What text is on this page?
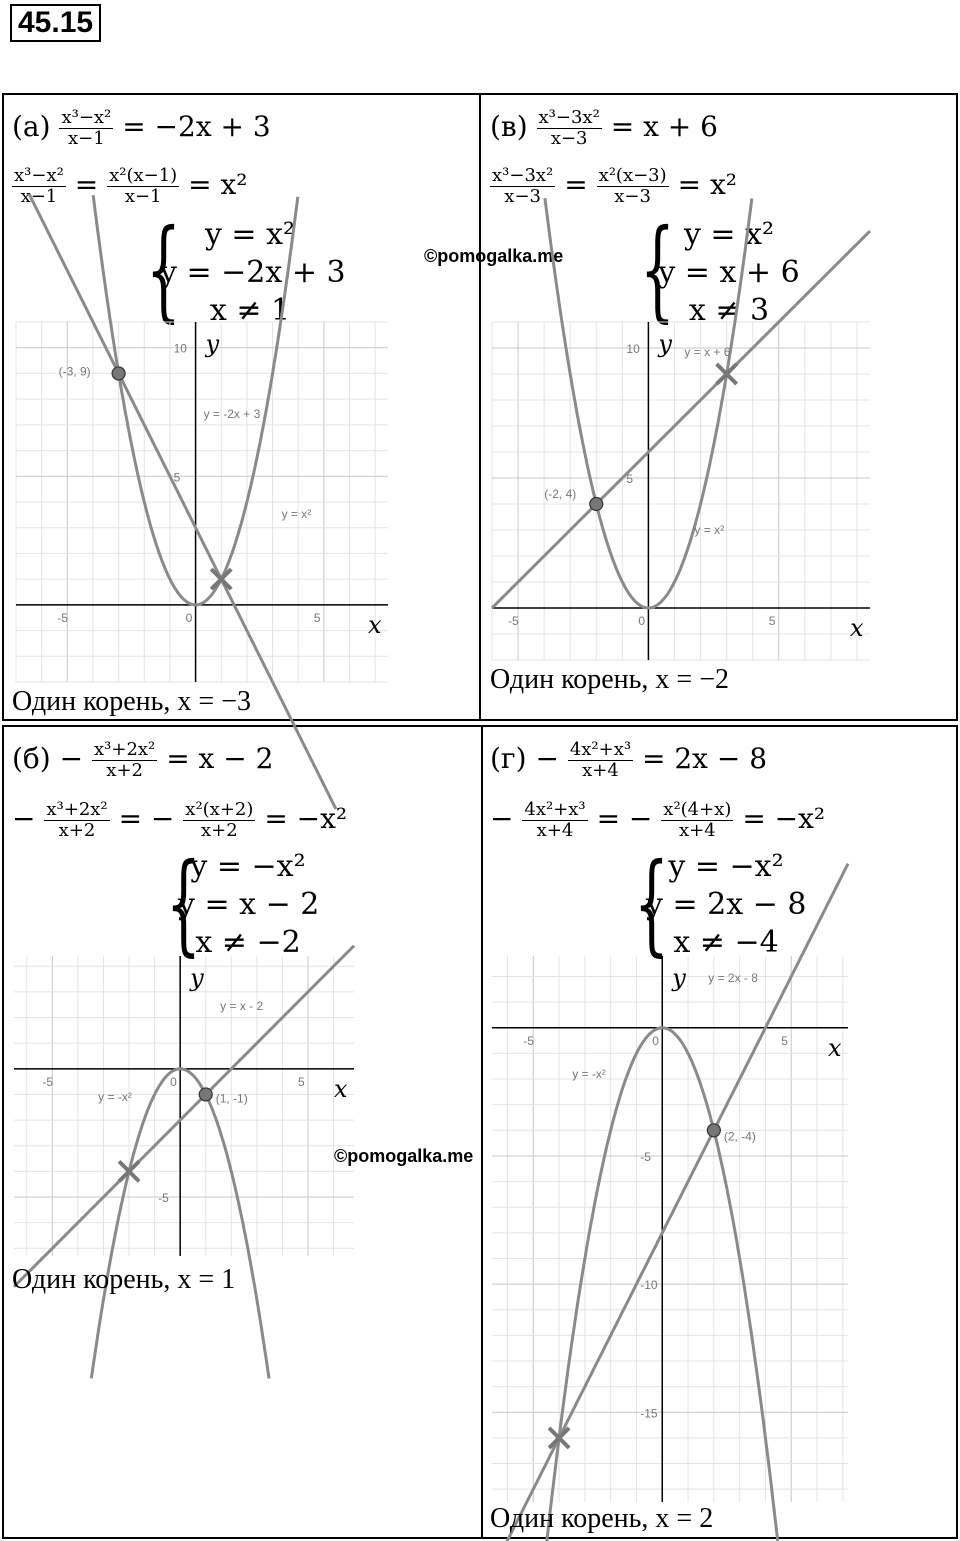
45.15
©pomogalka.me
©pomogalka.me
$(а) \frac{\text{x³−x²}}{x-1} = -2x + 3$
$\frac{\text{x³−x²}}{x-1} = \frac{\text{x²(x−1)}}{x-1} = x^2$
{ y = x²
y = −2x + 3
x ≠ 1
-5	0	5
10
5
x
y
y = x²
y = -2x + 3
(-3, 9)
Один корень, x = −3
$(в) \frac{\text{x³−3x²}}{x-3} = x + 6$
$\frac{\text{x³−3x²}}{x-3} = \frac{\text{x²(x−3)}}{x-3} = x^2$
{ y = x²
y = x + 6
x ≠ 3
-5	0	5
10
5
x
y
y = x²
y = x + 6
(-2, 4)
Один корень, x = −2
$(б) - \frac{\text{x³+2x²}}{x+2} = x - 2$
− $\frac{\text{x³+2x²}}{x+2}$ = − $\frac{\text{x²(x+2)}}{x+2} = -x^2$
{
y = −x²
y = x − 2
x ≠ −2
-5	0	5
-5
x
y
y = -x²
y = x - 2
(1, -1)
Один корень, x = 1
$(г) - \frac{\text{4x²+x³}}{x+4} = 2x - 8$
− $\frac{\text{4x²+x³}}{x+4}$ = − $\frac{\text{x²(4+x)}}{x+4} = -x^2$
{ y = −x²
y = 2x − 8
x ≠ −4
-5	0	5
-5
-10
-15
x
y
y = -x²
y = 2x - 8
(2, -4)
Один корень, x = 2
